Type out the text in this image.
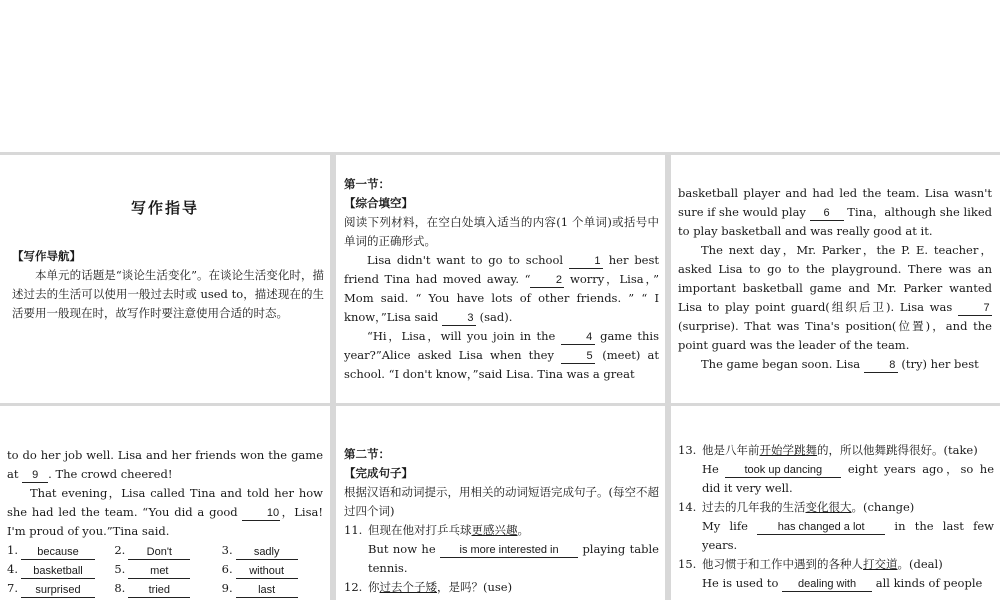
写作指导
【写作导航】
本单元的话题是“谈论生活变化”。在谈论生活变化时，描述过去的生活可以使用一般过去时或 used to，描述现在的生活要用一般现在时，故写作时要注意使用合适的时态。
第一节：
【综合填空】
阅读下列材料，在空白处填入适当的内容(1 个单词)或括号中单词的正确形式。
Lisa didn't want to go to school	1 her best friend Tina had moved away. “ 2 worry，Lisa，” Mom said. “ You have lots of other friends. ” “ I know，”Lisa said	3 (sad).
“Hi，Lisa，will you join in the	4 game this year?”Alice asked Lisa when they	5 (meet) at school. “I don't know，”said Lisa. Tina was a great
basketball player and had led the team. Lisa wasn't sure if she would play 6 Tina，although she liked to play basketball and was really good at it.
The next day，Mr. Parker，the P. E. teacher，asked Lisa to go to the playground. There was an important basketball game and Mr. Parker wanted Lisa to play point guard(组织后卫). Lisa was	7 (surprise). That was Tina's position(位置)，and the point guard was the leader of the team.
The game began soon. Lisa	8 (try) her best
to do her job well. Lisa and her friends won the game at 9 . The crowd cheered!
That evening，Lisa called Tina and told her how she had led the team. “You did a good	10，Lisa! I'm proud of you.”Tina said.
1.	because	2.	Don't	3.	sadly
4.	basketball	5.	met	6.	without
7.	surprised	8.	tried	9.	last
第二节：
【完成句子】
根据汉语和动词提示，用相关的动词短语完成句子。(每空不超过四个词)
11. 但现在他对打乒乓球更感兴趣。
But now he is more interested in playing table tennis.
12. 你过去个子矮，是吗？(use)
13. 他是八年前开始学跳舞的，所以他舞跳得很好。(take)
He took up dancing eight years ago，so he did it very well.
14. 过去的几年我的生活变化很大。(change)
My life	has changed a lot	in the last few years.
15. 他习惯于和工作中遇到的各种人打交道。(deal)
He is used to dealing with all kinds of people
